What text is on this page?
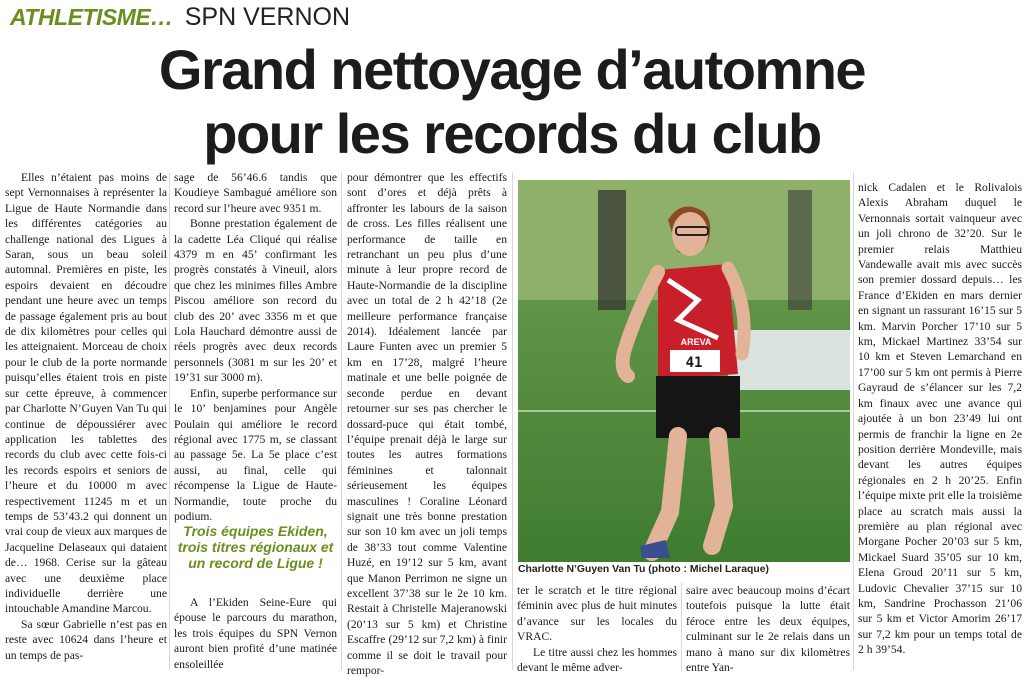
ATHLETISME… SPN VERNON
Grand nettoyage d’automne
pour les records du club

Elles n’étaient pas moins de sept Vernonnaises à représenter la Ligue de Haute Normandie dans les différentes catégories au challenge national des Ligues à Saran, sous un beau soleil automnal. Premières en piste, les espoirs devaient en découdre pendant une heure avec un temps de passage également pris au bout de dix kilomètres pour celles qui les atteignaient. Morceau de choix pour le club de la porte normande puisqu’elles étaient trois en piste sur cette épreuve, à commencer par Charlotte N’Guyen Van Tu qui continue de dépoussiérer avec application les tablettes des records du club avec cette fois-ci les records espoirs et seniors de l’heure et du 10000 m avec respectivement 11245 m et un temps de 53’43.2 qui donnent un vrai coup de vieux aux marques de Jacqueline Delaseaux qui dataient de… 1968. Cerise sur la gâteau avec une deuxième place individuelle derrière une intouchable Amandine Marcou.

Sa sœur Gabrielle n’est pas en reste avec 10624 dans l’heure et un temps de pas-

sage de 56’46.6 tandis que Koudieye Sambagué améliore son record sur l’heure avec 9351 m.

Bonne prestation également de la cadette Léa Cliqué qui réalise 4379 m en 45’ confirmant les progrès constatés à Vineuil, alors que chez les minimes filles Ambre Piscou améliore son record du club des 20’ avec 3356 m et que Lola Hauchard démontre aussi de réels progrès avec deux records personnels (3081 m sur les 20’ et 19’31 sur 3000 m).

Enfin, superbe performance sur le 10’ benjamines pour Angèle Poulain qui améliore le record régional avec 1775 m, se classant au passage 5e. La 5e place c’est aussi, au final, celle qui récompense la Ligue de Haute-Normandie, toute proche du podium.

Trois équipes Ekiden, trois titres régionaux et un record de Ligue !

A l’Ekiden Seine-Eure qui épouse le parcours du marathon, les trois équipes du SPN Vernon auront bien profité d’une matinée ensoleillée

pour démontrer que les effectifs sont d’ores et déjà prêts à affronter les labours de la saison de cross. Les filles réalisent une performance de taille en retranchant un peu plus d’une minute à leur propre record de Haute-Normandie de la discipline avec un total de 2 h 42’18 (2e meilleure performance française 2014). Idéalement lancée par Laure Funten avec un premier 5 km en 17’28, malgré l’heure matinale et une belle poignée de seconde perdue en devant retourner sur ses pas chercher le dossard-puce qui était tombé, l’équipe prenait déjà le large sur toutes les autres formations féminines et talonnait sérieusement les équipes masculines ! Coraline Léonard signait une très bonne prestation sur son 10 km avec un joli temps de 38’33 tout comme Valentine Huzé, en 19’12 sur 5 km, avant que Manon Perrimon ne signe un excellent 37’38 sur le 2e 10 km. Restait à Christelle Majeranowski (20’13 sur 5 km) et Christine Escaffre (29’12 sur 7,2 km) à finir comme il se doit le travail pour rempor-

41
AREVA
Charlotte N’Guyen Van Tu (photo : Michel Laraque)

ter le scratch et le titre régional féminin avec plus de huit minutes d’avance sur les locales du VRAC.

Le titre aussi chez les hommes devant le même adver-

saire avec beaucoup moins d’écart toutefois puisque la lutte était féroce entre les deux équipes, culminant sur le 2e relais dans un mano à mano sur dix kilomètres entre Yan-

nick Cadalen et le Rolivalois Alexis Abraham duquel le Vernonnais sortait vainqueur avec un joli chrono de 32’20. Sur le premier relais Matthieu Vandewalle avait mis avec succès son premier dossard depuis… les France d’Ekiden en mars dernier en signant un rassurant 16’15 sur 5 km. Marvin Porcher 17’10 sur 5 km, Mickael Martinez 33’54 sur 10 km et Steven Lemarchand en 17’00 sur 5 km ont permis à Pierre Gayraud de s’élancer sur les 7,2 km finaux avec une avance qui ajoutée à un bon 23’49 lui ont permis de franchir la ligne en 2e position derrière Mondeville, mais devant les autres équipes régionales en 2 h 20’25. Enfin l’équipe mixte prit elle la troisième place au scratch mais aussi la première au plan régional avec Morgane Pocher 20’03 sur 5 km, Mickael Suard 35’05 sur 10 km, Elena Groud 20’11 sur 5 km, Ludovic Chevalier 37’15 sur 10 km, Sandrine Prochasson 21’06 sur 5 km et Victor Amorim 26’17 sur 7,2 km pour un temps total de 2 h 39’54.
